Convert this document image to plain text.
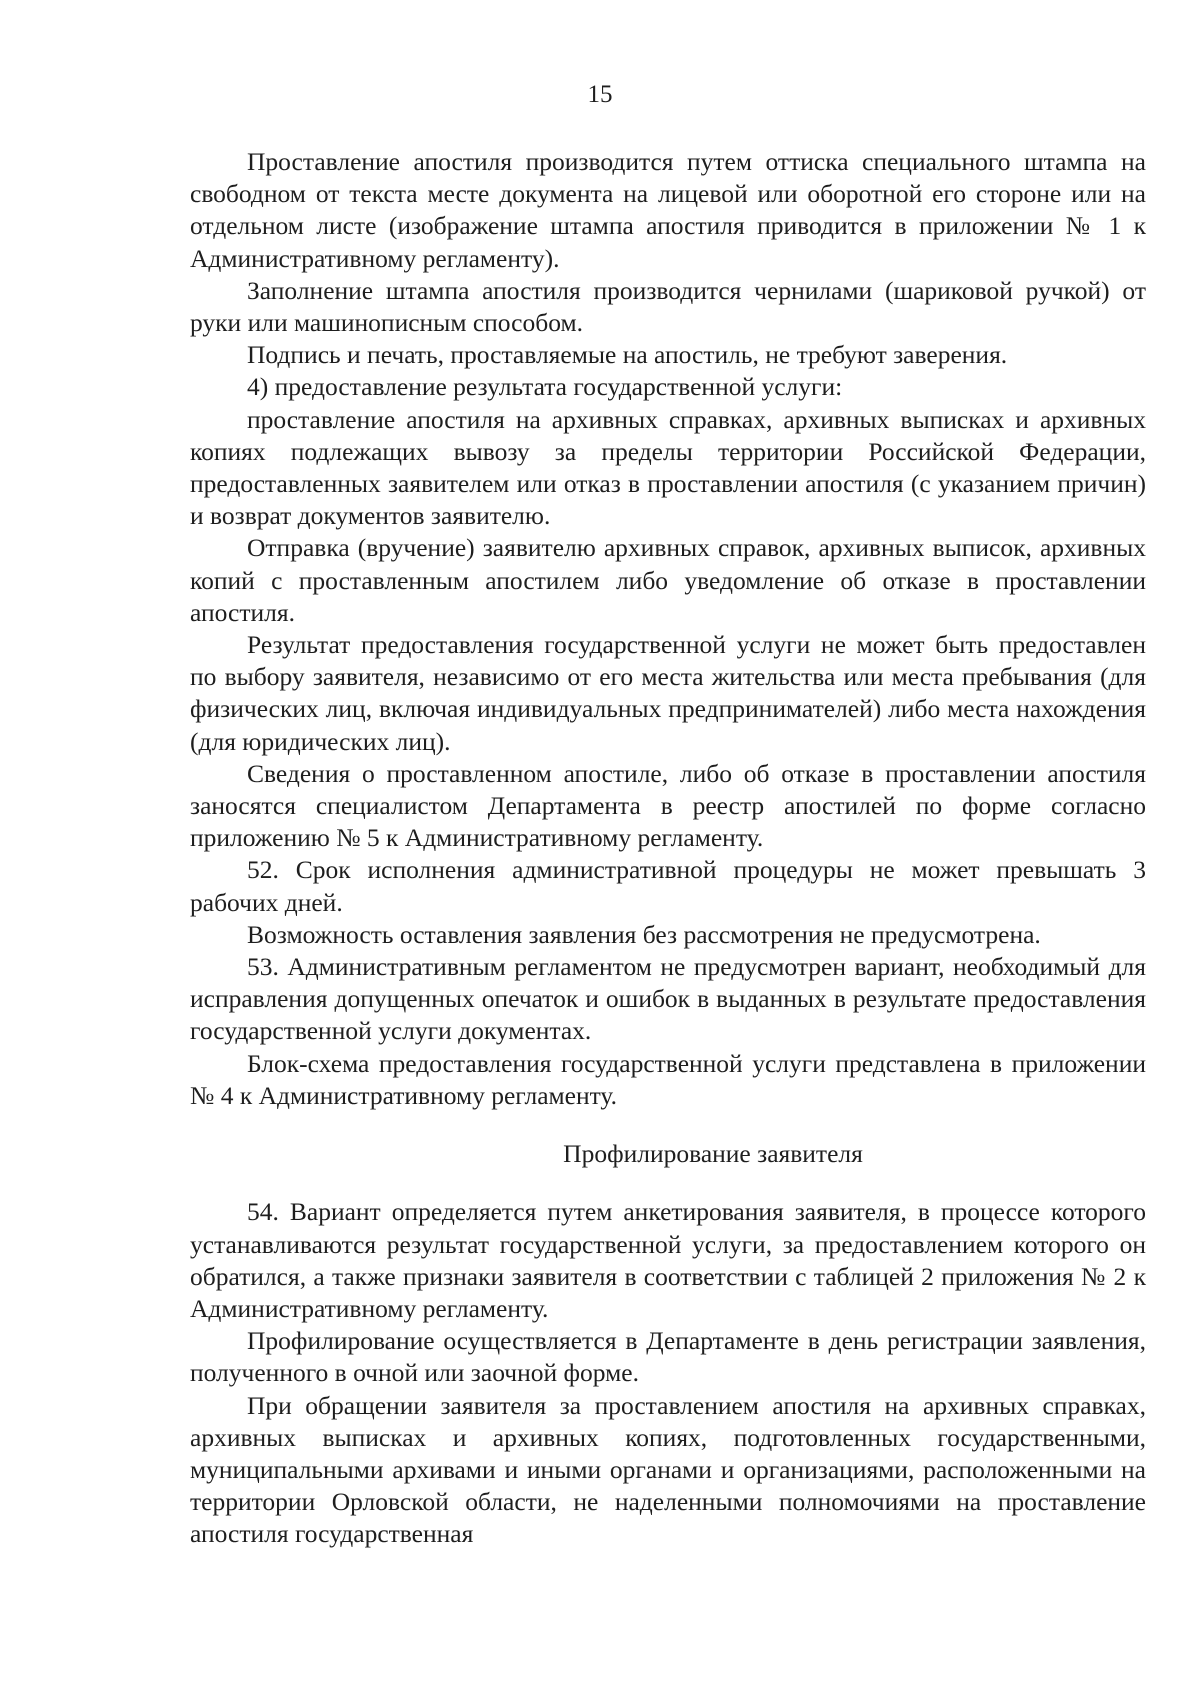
15

Проставление апостиля производится путем оттиска специального штампа на свободном от текста месте документа на лицевой или оборотной его стороне или на отдельном листе (изображение штампа апостиля приводится в приложении № 1 к Административному регламенту).

Заполнение штампа апостиля производится чернилами (шариковой ручкой) от руки или машинописным способом.

Подпись и печать, проставляемые на апостиль, не требуют заверения.

4) предоставление результата государственной услуги:

проставление апостиля на архивных справках, архивных выписках и архивных копиях подлежащих вывозу за пределы территории Российской Федерации, предоставленных заявителем или отказ в проставлении апостиля (с указанием причин) и возврат документов заявителю.

Отправка (вручение) заявителю архивных справок, архивных выписок, архивных копий с проставленным апостилем либо уведомление об отказе в проставлении апостиля.

Результат предоставления государственной услуги не может быть предоставлен по выбору заявителя, независимо от его места жительства или места пребывания (для физических лиц, включая индивидуальных предпринимателей) либо места нахождения (для юридических лиц).

Сведения о проставленном апостиле, либо об отказе в проставлении апостиля заносятся специалистом Департамента в реестр апостилей по форме согласно приложению № 5 к Административному регламенту.

52. Срок исполнения административной процедуры не может превышать 3 рабочих дней.

Возможность оставления заявления без рассмотрения не предусмотрена.

53. Административным регламентом не предусмотрен вариант, необходимый для исправления допущенных опечаток и ошибок в выданных в результате предоставления государственной услуги документах.

Блок-схема предоставления государственной услуги представлена в приложении № 4 к Административному регламенту.

Профилирование заявителя

54. Вариант определяется путем анкетирования заявителя, в процессе которого устанавливаются результат государственной услуги, за предоставлением которого он обратился, а также признаки заявителя в соответствии с таблицей 2 приложения № 2 к Административному регламенту.

Профилирование осуществляется в Департаменте в день регистрации заявления, полученного в очной или заочной форме.

При обращении заявителя за проставлением апостиля на архивных справках, архивных выписках и архивных копиях, подготовленных государственными, муниципальными архивами и иными органами и организациями, расположенными на территории Орловской области, не наделенными полномочиями на проставление апостиля государственная
